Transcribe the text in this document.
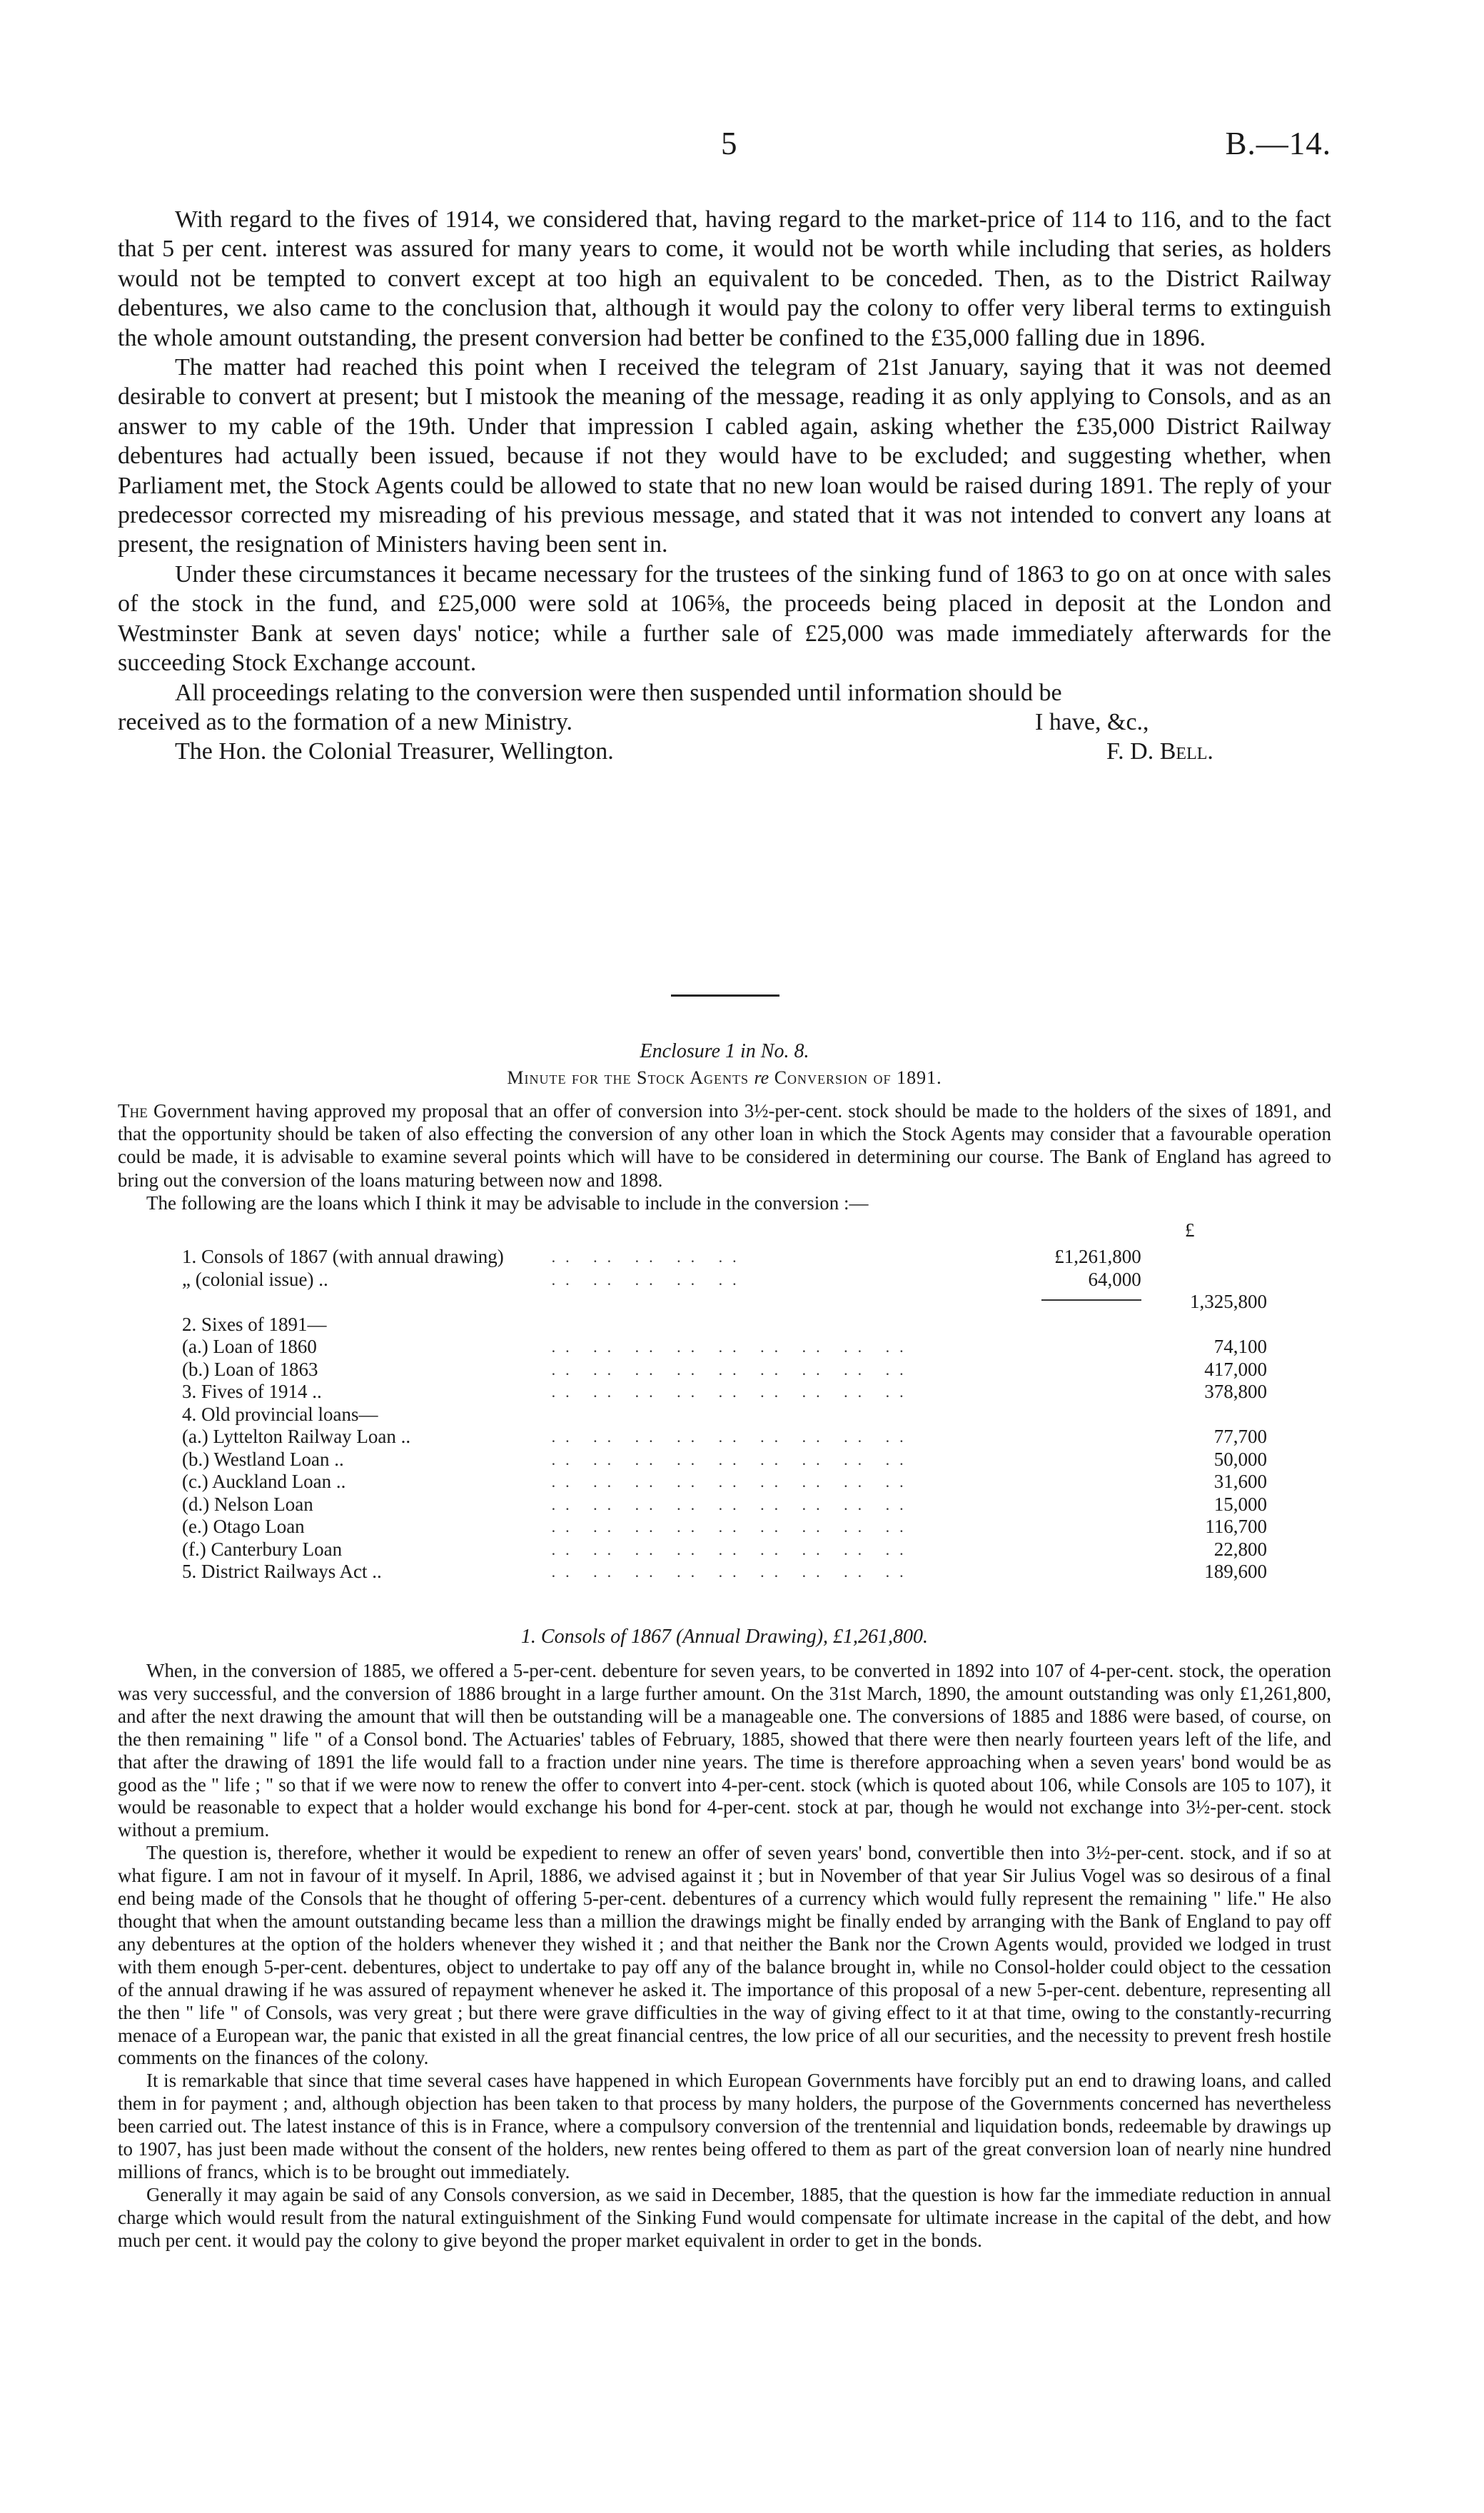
5	B.—14.

With regard to the fives of 1914, we considered that, having regard to the market-price of 114 to 116, and to the fact that 5 per cent. interest was assured for many years to come, it would not be worth while including that series, as holders would not be tempted to convert except at too high an equivalent to be conceded. Then, as to the District Railway debentures, we also came to the conclusion that, although it would pay the colony to offer very liberal terms to extinguish the whole amount outstanding, the present conversion had better be confined to the £35,000 falling due in 1896.

The matter had reached this point when I received the telegram of 21st January, saying that it was not deemed desirable to convert at present; but I mistook the meaning of the message, reading it as only applying to Consols, and as an answer to my cable of the 19th. Under that impression I cabled again, asking whether the £35,000 District Railway debentures had actually been issued, because if not they would have to be excluded; and suggesting whether, when Parliament met, the Stock Agents could be allowed to state that no new loan would be raised during 1891. The reply of your predecessor corrected my misreading of his previous message, and stated that it was not intended to convert any loans at present, the resignation of Ministers having been sent in.

Under these circumstances it became necessary for the trustees of the sinking fund of 1863 to go on at once with sales of the stock in the fund, and £25,000 were sold at 106⅝, the proceeds being placed in deposit at the London and Westminster Bank at seven days' notice; while a further sale of £25,000 was made immediately afterwards for the succeeding Stock Exchange account.

All proceedings relating to the conversion were then suspended until information should be

received as to the formation of a new Ministry.	I have, &c.,
The Hon. the Colonial Treasurer, Wellington.	F. D. Bell.
Enclosure 1 in No. 8.
Minute for the Stock Agents re Conversion of 1891.

The Government having approved my proposal that an offer of conversion into 3½-per-cent. stock should be made to the holders of the sixes of 1891, and that the opportunity should be taken of also effecting the conversion of any other loan in which the Stock Agents may consider that a favourable operation could be made, it is advisable to examine several points which will have to be considered in determining our course. The Bank of England has agreed to bring out the conversion of the loans maturing between now and 1898.

The following are the loans which I think it may be advisable to include in the conversion :—

£
1. Consols of 1867 (with annual drawing)	.. .. .. .. ..	£1,261,800	
„ (colonial issue) ..	.. .. .. .. ..	64,000	
			1,325,800
2. Sixes of 1891—			
(a.) Loan of 1860	.. .. .. .. .. .. .. .. ..		74,100
(b.) Loan of 1863	.. .. .. .. .. .. .. .. ..		417,000
3. Fives of 1914 ..	.. .. .. .. .. .. .. .. ..		378,800
4. Old provincial loans—			
(a.) Lyttelton Railway Loan ..	.. .. .. .. .. .. .. .. ..		77,700
(b.) Westland Loan ..	.. .. .. .. .. .. .. .. ..		50,000
(c.) Auckland Loan ..	.. .. .. .. .. .. .. .. ..		31,600
(d.) Nelson Loan	.. .. .. .. .. .. .. .. ..		15,000
(e.) Otago Loan	.. .. .. .. .. .. .. .. ..		116,700
(f.) Canterbury Loan	.. .. .. .. .. .. .. .. ..		22,800
5. District Railways Act ..	.. .. .. .. .. .. .. .. ..		189,600
1. Consols of 1867 (Annual Drawing), £1,261,800.

When, in the conversion of 1885, we offered a 5-per-cent. debenture for seven years, to be converted in 1892 into 107 of 4-per-cent. stock, the operation was very successful, and the conversion of 1886 brought in a large further amount. On the 31st March, 1890, the amount outstanding was only £1,261,800, and after the next drawing the amount that will then be outstanding will be a manageable one. The conversions of 1885 and 1886 were based, of course, on the then remaining " life " of a Consol bond. The Actuaries' tables of February, 1885, showed that there were then nearly fourteen years left of the life, and that after the drawing of 1891 the life would fall to a fraction under nine years. The time is therefore approaching when a seven years' bond would be as good as the " life ; " so that if we were now to renew the offer to convert into 4-per-cent. stock (which is quoted about 106, while Consols are 105 to 107), it would be reasonable to expect that a holder would exchange his bond for 4-per-cent. stock at par, though he would not exchange into 3½-per-cent. stock without a premium.

The question is, therefore, whether it would be expedient to renew an offer of seven years' bond, convertible then into 3½-per-cent. stock, and if so at what figure. I am not in favour of it myself. In April, 1886, we advised against it ; but in November of that year Sir Julius Vogel was so desirous of a final end being made of the Consols that he thought of offering 5-per-cent. debentures of a currency which would fully represent the remaining " life." He also thought that when the amount outstanding became less than a million the drawings might be finally ended by arranging with the Bank of England to pay off any debentures at the option of the holders whenever they wished it ; and that neither the Bank nor the Crown Agents would, provided we lodged in trust with them enough 5-per-cent. debentures, object to undertake to pay off any of the balance brought in, while no Consol-holder could object to the cessation of the annual drawing if he was assured of repayment whenever he asked it. The importance of this proposal of a new 5-per-cent. debenture, representing all the then " life " of Consols, was very great ; but there were grave difficulties in the way of giving effect to it at that time, owing to the constantly-recurring menace of a European war, the panic that existed in all the great financial centres, the low price of all our securities, and the necessity to prevent fresh hostile comments on the finances of the colony.

It is remarkable that since that time several cases have happened in which European Governments have forcibly put an end to drawing loans, and called them in for payment ; and, although objection has been taken to that process by many holders, the purpose of the Governments concerned has nevertheless been carried out. The latest instance of this is in France, where a compulsory conversion of the trentennial and liquidation bonds, redeemable by drawings up to 1907, has just been made without the consent of the holders, new rentes being offered to them as part of the great conversion loan of nearly nine hundred millions of francs, which is to be brought out immediately.

Generally it may again be said of any Consols conversion, as we said in December, 1885, that the question is how far the immediate reduction in annual charge which would result from the natural extinguishment of the Sinking Fund would compensate for ultimate increase in the capital of the debt, and how much per cent. it would pay the colony to give beyond the proper market equivalent in order to get in the bonds.
